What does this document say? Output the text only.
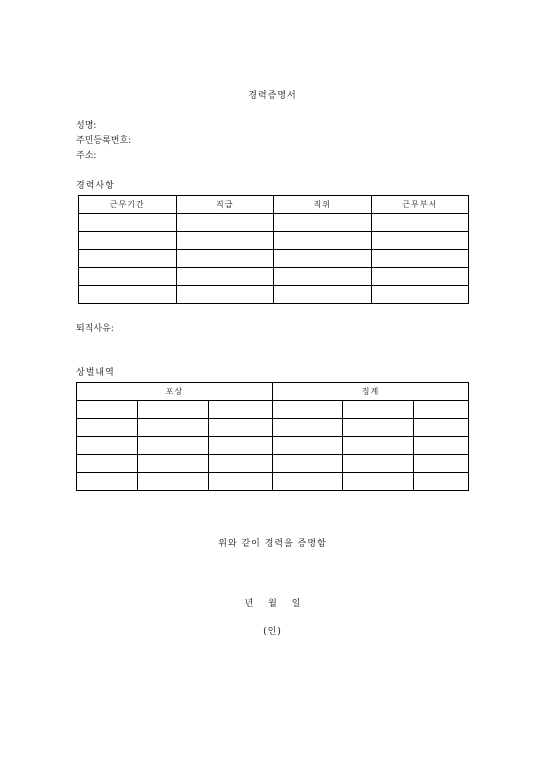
경력증명서
성명:
주민등록번호:
주소:
경력사항
근무기간	직급	직위	근무부서

퇴직사유:
상벌내역
포상			징계		

위와 같이 경력을 증명함
년 월 일
(인)
